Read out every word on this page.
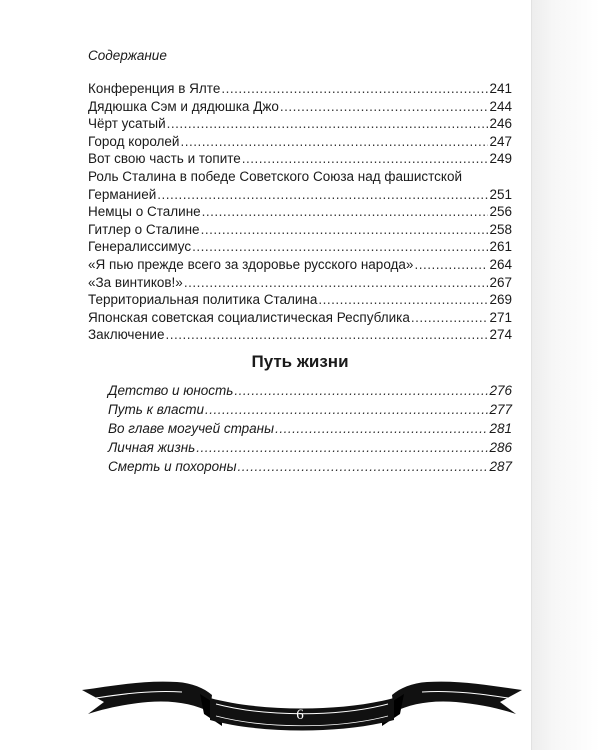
Содержание
Конференция в Ялте .....	241
Дядюшка Сэм и дядюшка Джо .....	244
Чёрт усатый .....	246
Город королей .....	247
Вот свою часть и топите .....	249
Роль Сталина в победе Советского Союза над фашистской
Германией .....	251
Немцы о Сталине .....	256
Гитлер о Сталине .....	258
Генералиссимус .....	261
«Я пью прежде всего за здоровье русского народа» .....	264
«За винтиков!» .....	267
Территориальная политика Сталина .....	269
Японская советская социалистическая Республика .....	271
Заключение .....	274
Путь жизни
Детство и юность .....	276
Путь к власти .....	277
Во главе могучей страны .....	281
Личная жизнь .....	286
Смерть и похороны .....	287
6
